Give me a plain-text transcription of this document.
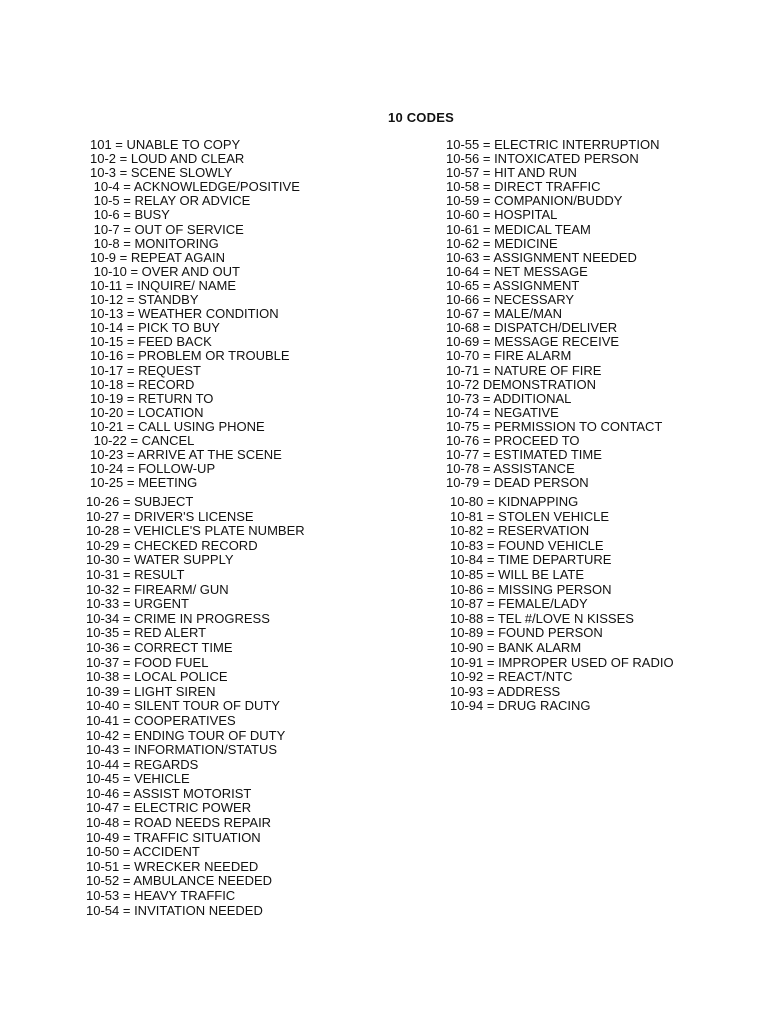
10 CODES
101 = UNABLE TO COPY
10-2 = LOUD AND CLEAR
10-3 = SCENE SLOWLY
10-4 = ACKNOWLEDGE/POSITIVE
10-5 = RELAY OR ADVICE
10-6 = BUSY
10-7 = OUT OF SERVICE
10-8 = MONITORING
10-9 = REPEAT AGAIN
10-10 = OVER AND OUT
10-11 = INQUIRE/ NAME
10-12 = STANDBY
10-13 = WEATHER CONDITION
10-14 = PICK TO BUY
10-15 = FEED BACK
10-16 = PROBLEM OR TROUBLE
10-17 = REQUEST
10-18 = RECORD
10-19 = RETURN TO
10-20 = LOCATION
10-21 = CALL USING PHONE
10-22 = CANCEL
10-23 = ARRIVE AT THE SCENE
10-24 = FOLLOW-UP
10-25 = MEETING
10-26 = SUBJECT
10-27 = DRIVER'S LICENSE
10-28 = VEHICLE'S PLATE NUMBER
10-29 = CHECKED RECORD
10-30 = WATER SUPPLY
10-31 = RESULT
10-32 = FIREARM/ GUN
10-33 = URGENT
10-34 = CRIME IN PROGRESS
10-35 = RED ALERT
10-36 = CORRECT TIME
10-37 = FOOD FUEL
10-38 = LOCAL POLICE
10-39 = LIGHT SIREN
10-40 = SILENT TOUR OF DUTY
10-41 = COOPERATIVES
10-42 = ENDING TOUR OF DUTY
10-43 = INFORMATION/STATUS
10-44 = REGARDS
10-45 = VEHICLE
10-46 = ASSIST MOTORIST
10-47 = ELECTRIC POWER
10-48 = ROAD NEEDS REPAIR
10-49 = TRAFFIC SITUATION
10-50 = ACCIDENT
10-51 = WRECKER NEEDED
10-52 = AMBULANCE NEEDED
10-53 = HEAVY TRAFFIC
10-54 = INVITATION NEEDED
10-55 = ELECTRIC INTERRUPTION
10-56 = INTOXICATED PERSON
10-57 = HIT AND RUN
10-58 = DIRECT TRAFFIC
10-59 = COMPANION/BUDDY
10-60 = HOSPITAL
10-61 = MEDICAL TEAM
10-62 = MEDICINE
10-63 = ASSIGNMENT NEEDED
10-64 = NET MESSAGE
10-65 = ASSIGNMENT
10-66 = NECESSARY
10-67 = MALE/MAN
10-68 = DISPATCH/DELIVER
10-69 = MESSAGE RECEIVE
10-70 = FIRE ALARM
10-71 = NATURE OF FIRE
10-72 DEMONSTRATION
10-73 = ADDITIONAL
10-74 = NEGATIVE
10-75 = PERMISSION TO CONTACT
10-76 = PROCEED TO
10-77 = ESTIMATED TIME
10-78 = ASSISTANCE
10-79 = DEAD PERSON
10-80 = KIDNAPPING
10-81 = STOLEN VEHICLE
10-82 = RESERVATION
10-83 = FOUND VEHICLE
10-84 = TIME DEPARTURE
10-85 = WILL BE LATE
10-86 = MISSING PERSON
10-87 = FEMALE/LADY
10-88 = TEL #/LOVE N KISSES
10-89 = FOUND PERSON
10-90 = BANK ALARM
10-91 = IMPROPER USED OF RADIO
10-92 = REACT/NTC
10-93 = ADDRESS
10-94 = DRUG RACING
